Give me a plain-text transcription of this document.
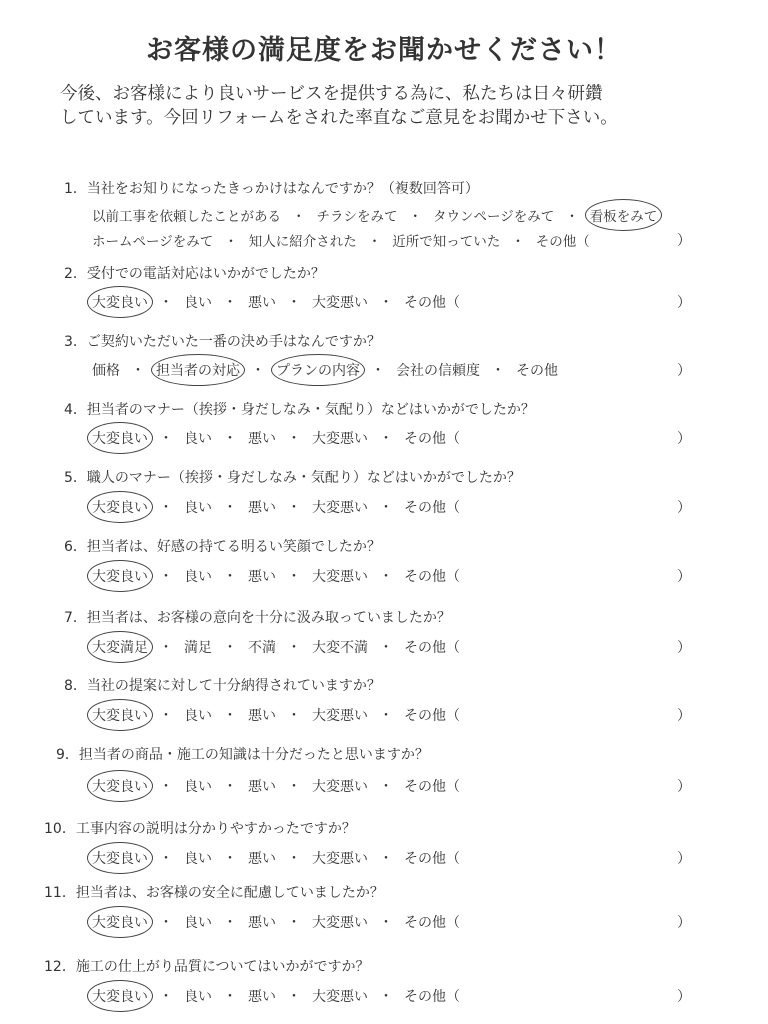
お客様の満足度をお聞かせください！

今後、お客様により良いサービスを提供する為に、私たちは日々研鑽

しています。今回リフォームをされた率直なご意見をお聞かせ下さい。

1．当社をお知りになったきっかけはなんですか？（複数回答可）
以前工事を依頼したことがある ・ チラシをみて ・ タウンページをみて ・ 看板をみて
ホームページをみて ・ 知人に紹介された ・ 近所で知っていた ・ その他（	）
2．受付での電話対応はいかがでしたか？
大変良い ・ 良い ・ 悪い ・ 大変悪い ・ その他（	）
3．ご契約いただいた一番の決め手はなんですか？
価格 ・ 担当者の対応 ・ プランの内容 ・ 会社の信頼度 ・ その他	）
4．担当者のマナー（挨拶・身だしなみ・気配り）などはいかがでしたか？
大変良い ・ 良い ・ 悪い ・ 大変悪い ・ その他（	）
5．職人のマナー（挨拶・身だしなみ・気配り）などはいかがでしたか？
大変良い ・ 良い ・ 悪い ・ 大変悪い ・ その他（	）
6．担当者は、好感の持てる明るい笑顔でしたか？
大変良い ・ 良い ・ 悪い ・ 大変悪い ・ その他（	）
7．担当者は、お客様の意向を十分に汲み取っていましたか？
大変満足 ・ 満足 ・ 不満 ・ 大変不満 ・ その他（	）
8．当社の提案に対して十分納得されていますか？
大変良い ・ 良い ・ 悪い ・ 大変悪い ・ その他（	）
9．担当者の商品・施工の知識は十分だったと思いますか？
大変良い ・ 良い ・ 悪い ・ 大変悪い ・ その他（	）
10．工事内容の説明は分かりやすかったですか？
大変良い ・ 良い ・ 悪い ・ 大変悪い ・ その他（	）
11．担当者は、お客様の安全に配慮していましたか？
大変良い ・ 良い ・ 悪い ・ 大変悪い ・ その他（	）
12．施工の仕上がり品質についてはいかがですか？
大変良い ・ 良い ・ 悪い ・ 大変悪い ・ その他（	）
